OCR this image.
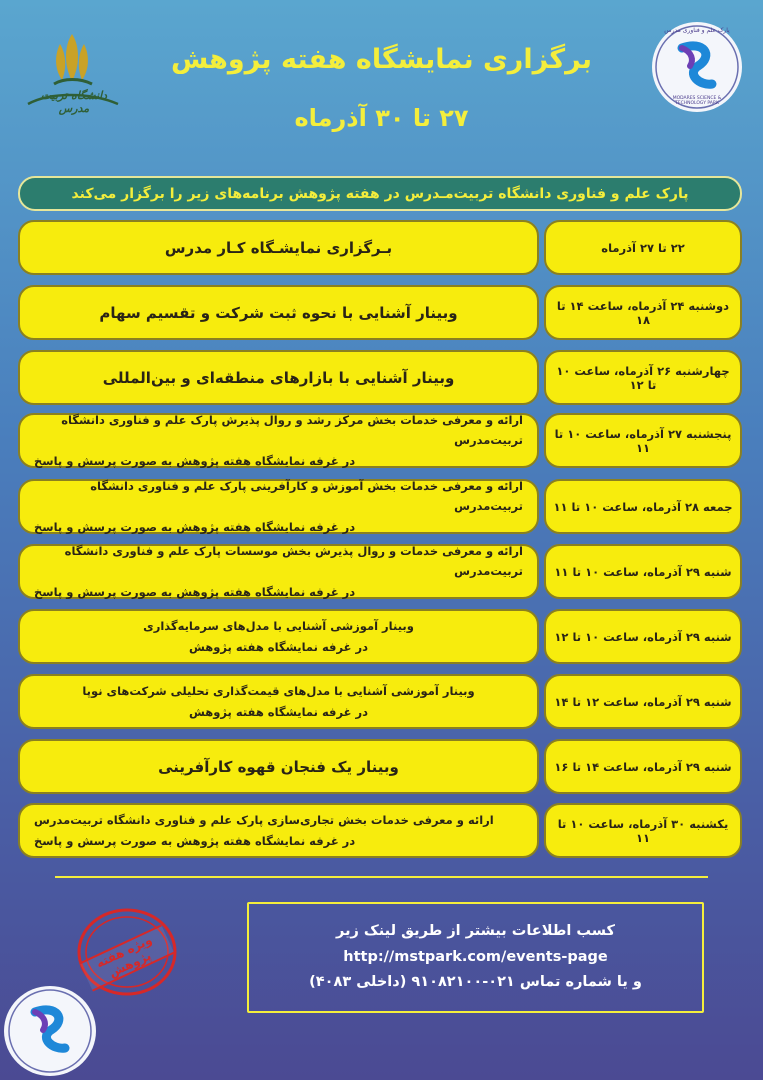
دانشگاه تربیت مدرس
پارک علم و فناوری مدرس
MODARES SCIENCE & TECHNOLOGY PARK
برگزاری نمایشگاه هفته پژوهش
۲۷ تا ۳۰ آذرماه
پارک علم و فناوری دانشگاه تربیت‌مـدرس در هفته پژوهش برنامه‌های زیر را برگزار می‌کند
۲۲ تا ۲۷ آذرماه
بـرگزاری نمایشـگاه کـار مدرس
دوشنبه ۲۴ آذرماه، ساعت ۱۴ تا ۱۸
وبینار آشنایی با نحوه ثبت شرکت و تقسیم سهام
چهارشنبه ۲۶ آذرماه، ساعت ۱۰ تا ۱۲
وبینار آشنایی با بازارهای منطقه‌ای و بین‌المللی
پنجشنبه ۲۷ آذرماه، ساعت ۱۰ تا ۱۱
ارائه و معرفی خدمات بخش مرکز رشد و روال پذیرش پارک علم و فناوری دانشگاه تربیت‌مدرس
در غرفه نمایشگاه هفته پژوهش به صورت پرسش و پاسخ
جمعه ۲۸ آذرماه، ساعت ۱۰ تا ۱۱
ارائه و معرفی خدمات بخش آموزش و کارآفرینی پارک علم و فناوری دانشگاه تربیت‌مدرس
در غرفه نمایشگاه هفته پژوهش به صورت پرسش و پاسخ
شنبه ۲۹ آذرماه، ساعت ۱۰ تا ۱۱
ارائه و معرفی خدمات و روال پذیرش بخش موسسات پارک علم و فناوری دانشگاه تربیت‌مدرس
در غرفه نمایشگاه هفته پژوهش به صورت پرسش و پاسخ
شنبه ۲۹ آذرماه، ساعت ۱۰ تا ۱۲
وبینار آموزشی آشنایی با مدل‌های سرمایه‌گذاری
در غرفه نمایشگاه هفته پژوهش
شنبه ۲۹ آذرماه، ساعت ۱۲ تا ۱۴
وبینار آموزشی آشنایی با مدل‌های قیمت‌گذاری تحلیلی شرکت‌های نوپا
در غرفه نمایشگاه هفته پژوهش
شنبه ۲۹ آذرماه، ساعت ۱۴ تا ۱۶
وبینار یک فنجان قهوه کارآفرینی
یکشنبه ۳۰ آذرماه، ساعت ۱۰ تا ۱۱
ارائه و معرفی خدمات بخش تجاری‌سازی پارک علم و فناوری دانشگاه تربیت‌مدرس
در غرفه نمایشگاه هفته پژوهش به صورت پرسش و پاسخ
ویژه هفته پژوهش
کسب اطلاعات بیشتر از طریق لینک زیر
http://mstpark.com/events-page
و یا شماره تماس ۰۲۱-۹۱۰۸۲۱۰۰ (داخلی ۴۰۸۳)
